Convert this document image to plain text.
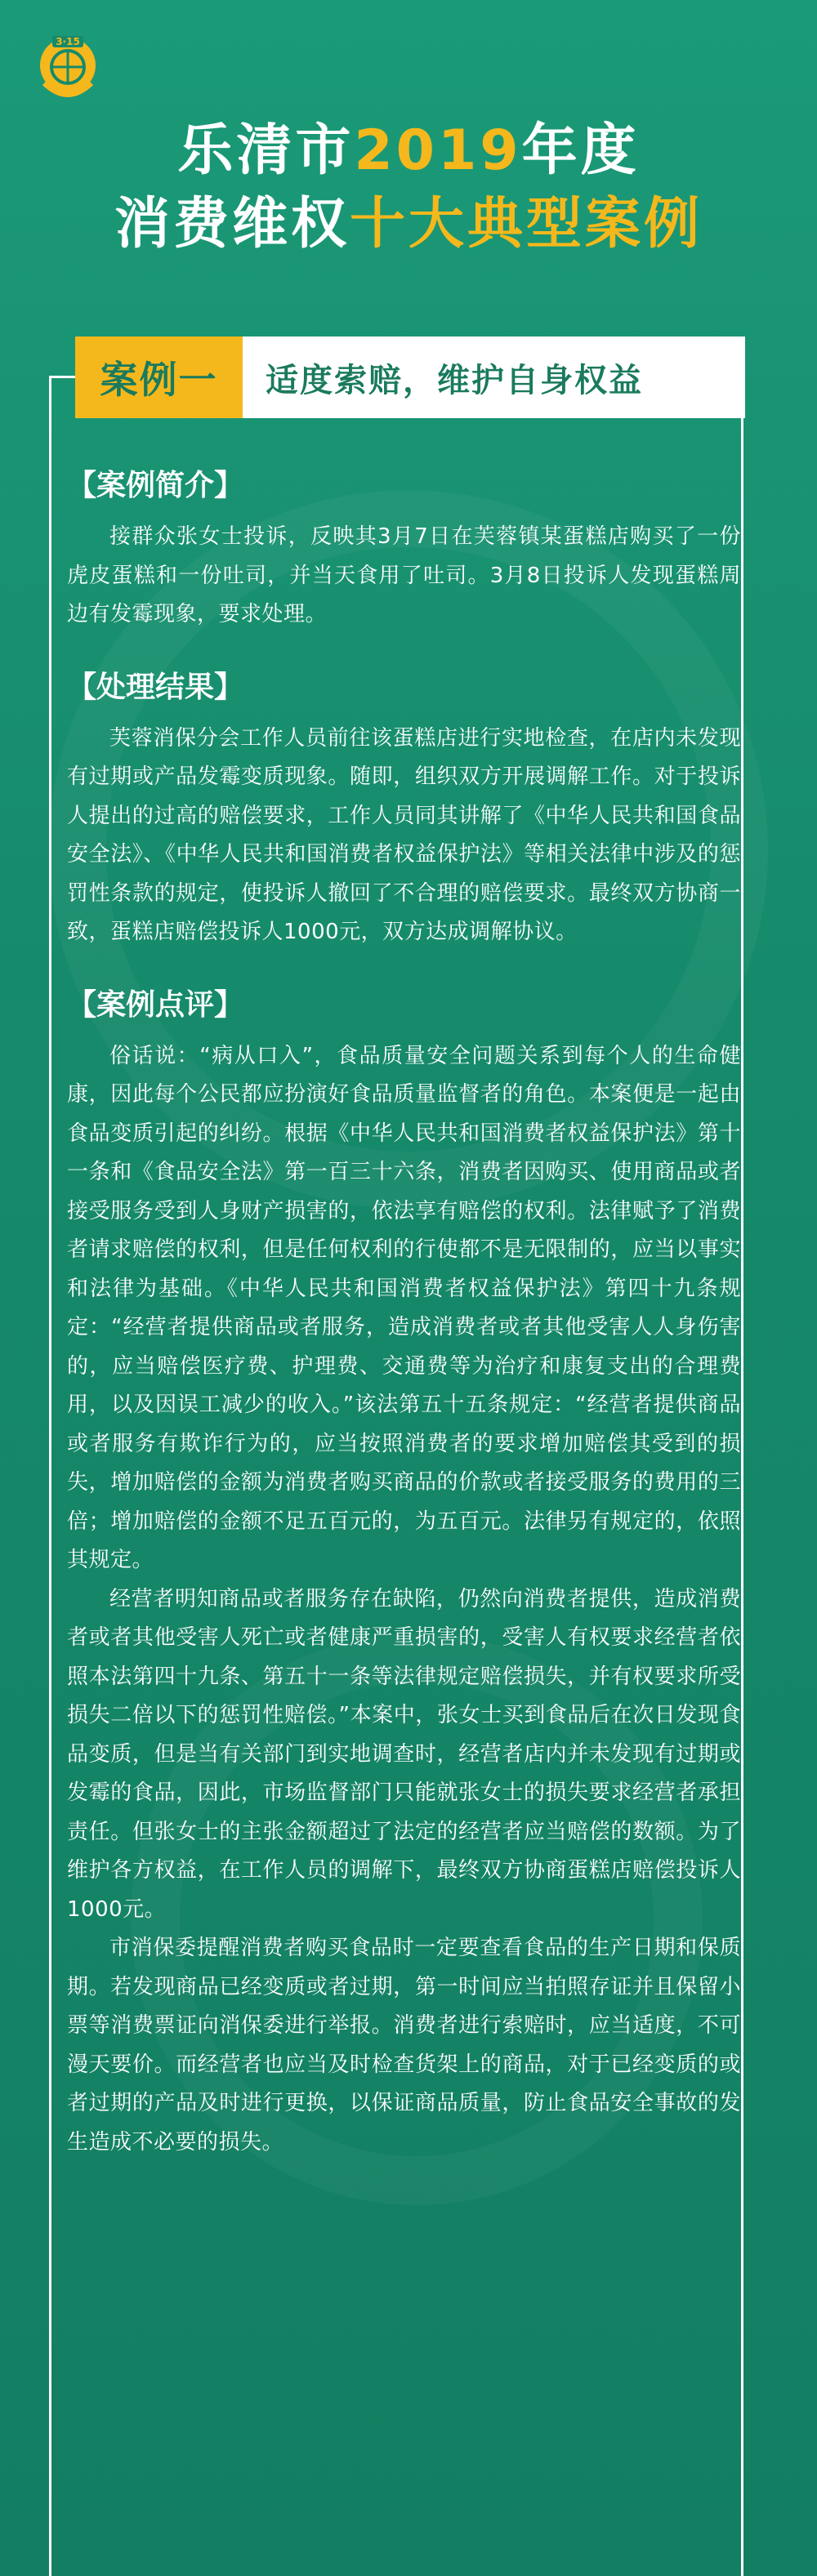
3·15
乐清市2019年度
消费维权十大典型案例
案例一	适度索赔，维护自身权益
【案例简介】

接群众张女士投诉，反映其3月7日在芙蓉镇某蛋糕店购买了一份虎皮蛋糕和一份吐司，并当天食用了吐司。3月8日投诉人发现蛋糕周边有发霉现象，要求处理。

【处理结果】

芙蓉消保分会工作人员前往该蛋糕店进行实地检查，在店内未发现有过期或产品发霉变质现象。随即，组织双方开展调解工作。对于投诉人提出的过高的赔偿要求，工作人员同其讲解了《中华人民共和国食品安全法》、《中华人民共和国消费者权益保护法》等相关法律中涉及的惩罚性条款的规定，使投诉人撤回了不合理的赔偿要求。最终双方协商一致，蛋糕店赔偿投诉人1000元，双方达成调解协议。

【案例点评】

俗话说：“病从口入”，食品质量安全问题关系到每个人的生命健康，因此每个公民都应扮演好食品质量监督者的角色。本案便是一起由食品变质引起的纠纷。根据《中华人民共和国消费者权益保护法》第十一条和《食品安全法》第一百三十六条，消费者因购买、使用商品或者接受服务受到人身财产损害的，依法享有赔偿的权利。法律赋予了消费者请求赔偿的权利，但是任何权利的行使都不是无限制的，应当以事实和法律为基础。《中华人民共和国消费者权益保护法》第四十九条规定：“经营者提供商品或者服务，造成消费者或者其他受害人人身伤害的，应当赔偿医疗费、护理费、交通费等为治疗和康复支出的合理费用，以及因误工减少的收入。”该法第五十五条规定：“经营者提供商品或者服务有欺诈行为的，应当按照消费者的要求增加赔偿其受到的损失，增加赔偿的金额为消费者购买商品的价款或者接受服务的费用的三倍；增加赔偿的金额不足五百元的，为五百元。法律另有规定的，依照其规定。

经营者明知商品或者服务存在缺陷，仍然向消费者提供，造成消费者或者其他受害人死亡或者健康严重损害的，受害人有权要求经营者依照本法第四十九条、第五十一条等法律规定赔偿损失，并有权要求所受损失二倍以下的惩罚性赔偿。”本案中，张女士买到食品后在次日发现食品变质，但是当有关部门到实地调查时，经营者店内并未发现有过期或发霉的食品，因此，市场监督部门只能就张女士的损失要求经营者承担责任。但张女士的主张金额超过了法定的经营者应当赔偿的数额。为了维护各方权益，在工作人员的调解下，最终双方协商蛋糕店赔偿投诉人1000元。

市消保委提醒消费者购买食品时一定要查看食品的生产日期和保质期。若发现商品已经变质或者过期，第一时间应当拍照存证并且保留小票等消费票证向消保委进行举报。消费者进行索赔时，应当适度，不可漫天要价。而经营者也应当及时检查货架上的商品，对于已经变质的或者过期的产品及时进行更换，以保证商品质量，防止食品安全事故的发生造成不必要的损失。
